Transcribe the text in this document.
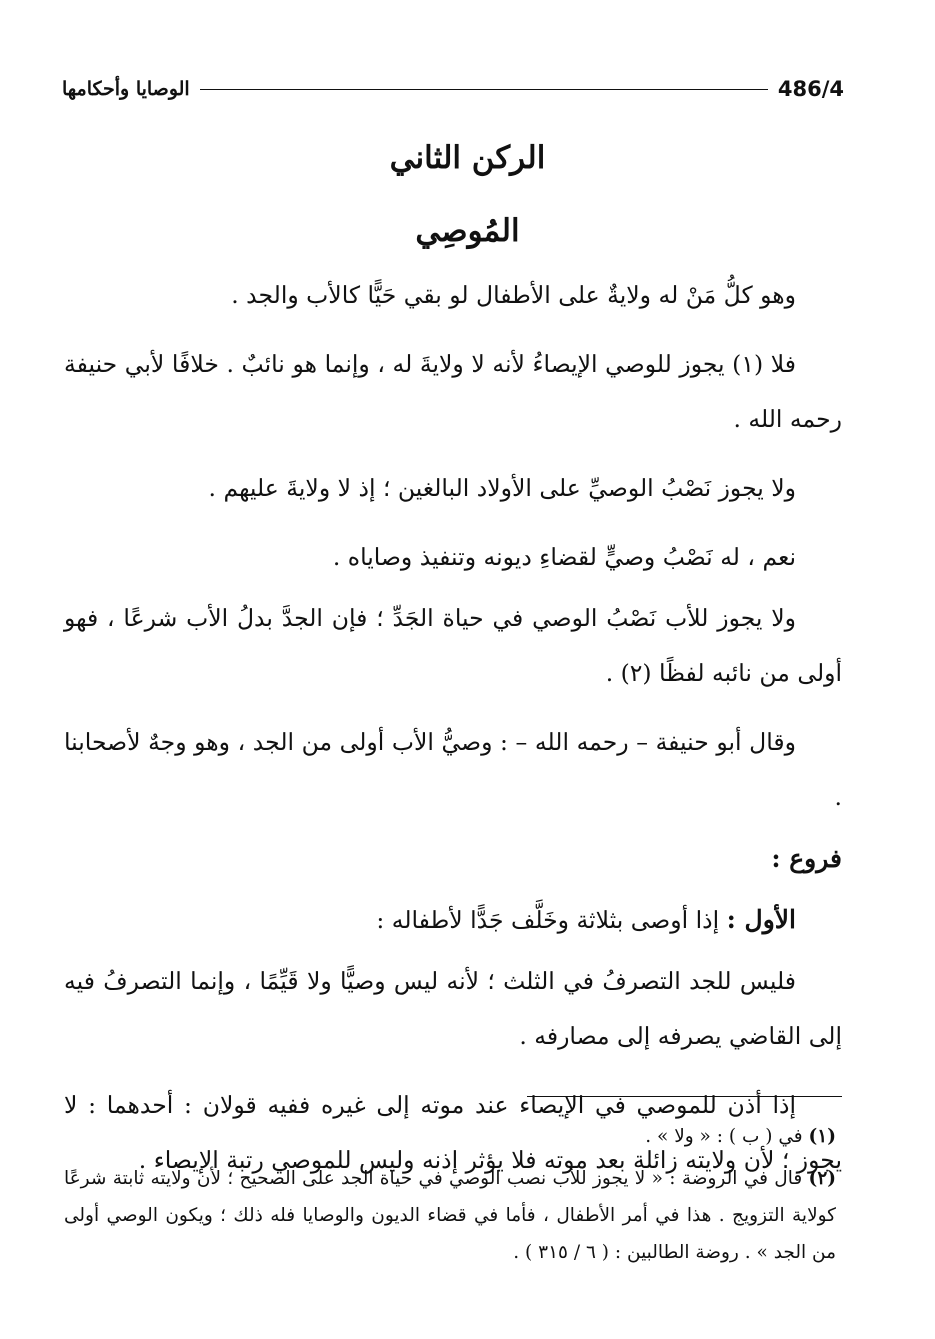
486/4
الوصايا وأحكامها
الركن الثاني
المُوصِي

وهو كلُّ مَنْ له ولايةٌ على الأطفال لو بقي حَيًّا كالأب والجد .

فلا (١) يجوز للوصي الإيصاءُ لأنه لا ولايةَ له ، وإنما هو نائبٌ . خلافًا لأبي حنيفة رحمه الله .

ولا يجوز نَصْبُ الوصيِّ على الأولاد البالغين ؛ إذ لا ولايةَ عليهم .

نعم ، له نَصْبُ وصيٍّ لقضاءِ ديونه وتنفيذ وصاياه .

ولا يجوز للأب نَصْبُ الوصي في حياة الجَدِّ ؛ فإن الجدَّ بدلُ الأب شرعًا ، فهو أولى من نائبه لفظًا (٢) .

وقال أبو حنيفة – رحمه الله – : وصيُّ الأب أولى من الجد ، وهو وجهٌ لأصحابنا .

فروع :

الأول : إذا أوصى بثلاثة وخَلَّف جَدًّا لأطفاله :

فليس للجد التصرفُ في الثلث ؛ لأنه ليس وصيًّا ولا قَيِّمًا ، وإنما التصرفُ فيه إلى القاضي يصرفه إلى مصارفه .

إذا أذن للموصي في الإيصاء عند موته إلى غيره ففيه قولان : أحدهما : لا يجوز ؛ لأن ولايته زائلة بعد موته فلا يؤثر إذنه وليس للموصي رتبة الإيصاء .

(١) في ( ب ) : « ولا » .

(٢) قال في الروضة : « لا يجوز للأب نصب الوصي في حياة الجد على الصحيح ؛ لأن ولايته ثابتة شرعًا كولاية التزويج . هذا في أمر الأطفال ، فأما في قضاء الديون والوصايا فله ذلك ؛ ويكون الوصي أولى من الجد » . روضة الطالبين : ( ٦ / ٣١٥ ) .
